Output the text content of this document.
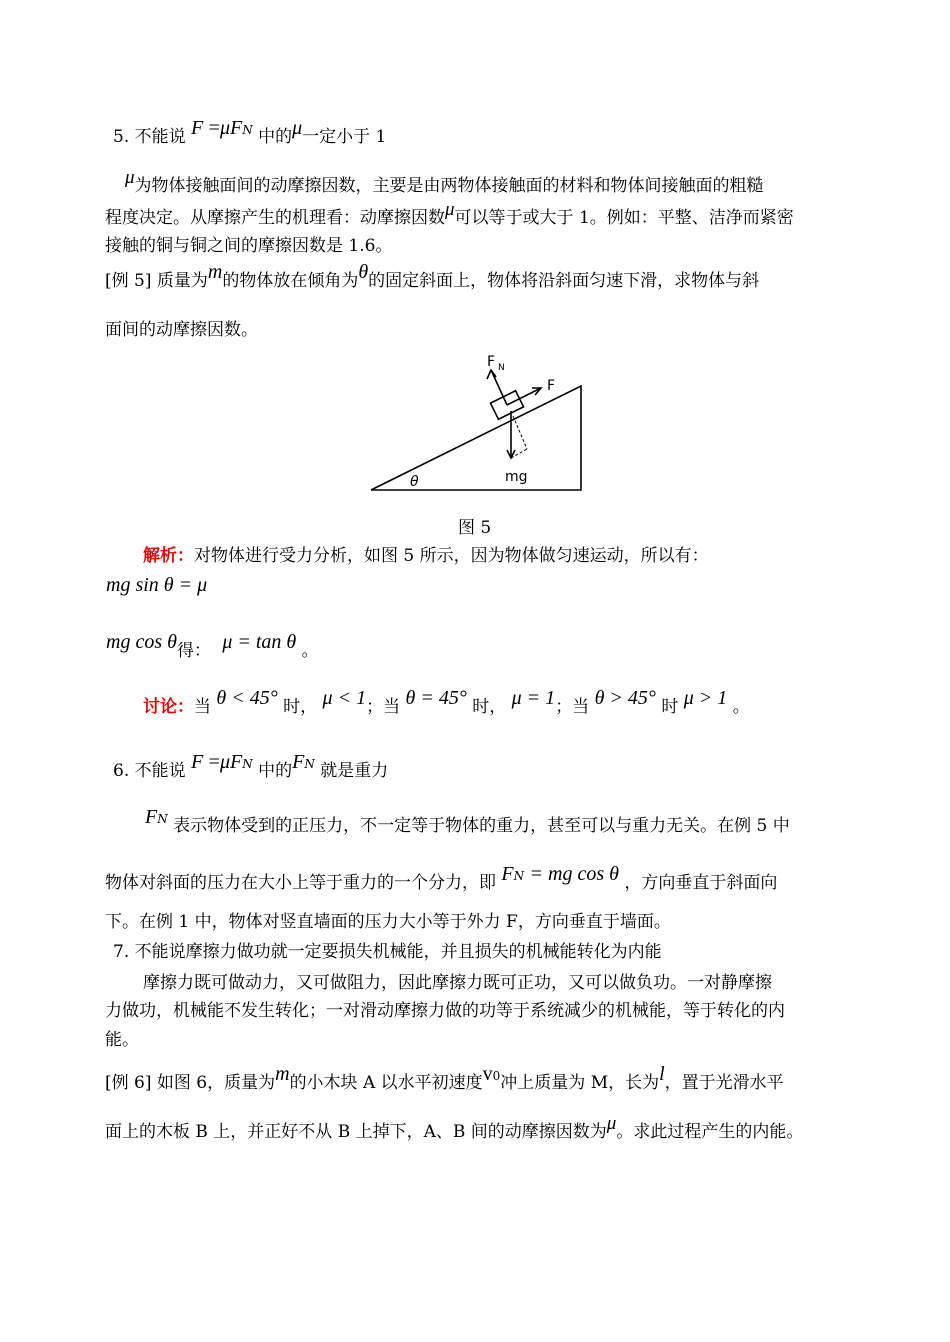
5. 不能说 $F =\mu F^N$ 中的μ一定小于 1
μ为物体接触面间的动摩擦因数，主要是由两物体接触面的材料和物体间接触面的粗糙
程度决定。从摩擦产生的机理看：动摩擦因数μ可以等于或大于 1。例如：平整、洁净而紧密
接触的铜与铜之间的摩擦因数是 1.6。
[例 5] 质量为m的物体放在倾角为θ的固定斜面上，物体将沿斜面匀速下滑，求物体与斜
面间的动摩擦因数。
F N
F
mg
θ
图 5
解析：对物体进行受力分析，如图 5 所示，因为物体做匀速运动，所以有：
mg sin θ = μ
mg cos θ得： μ = tan θ 。
讨论：当 θ < 45° 时， μ < 1；当 θ = 45° 时， μ = 1；当 θ > 45° 时 μ > 1 。
6. 不能说 $F =\mu F^N$ 中的$F^N$ 就是重力
$F^N$ 表示物体受到的正压力，不一定等于物体的重力，甚至可以与重力无关。在例 5 中
物体对斜面的压力在大小上等于重力的一个分力，即 $F^N$ = mg cos θ ，方向垂直于斜面向
下。在例 1 中，物体对竖直墙面的压力大小等于外力 F，方向垂直于墙面。
7. 不能说摩擦力做功就一定要损失机械能，并且损失的机械能转化为内能
摩擦力既可做动力，又可做阻力，因此摩擦力既可正功，又可以做负功。一对静摩擦
力做功，机械能不发生转化；一对滑动摩擦力做的功等于系统减少的机械能，等于转化的内
能。
[例 6] 如图 6，质量为m的小木块 A 以水平初速度$v^0$冲上质量为 M，长为l，置于光滑水平
面上的木板 B 上，并正好不从 B 上掉下，A、B 间的动摩擦因数为μ。求此过程产生的内能。
